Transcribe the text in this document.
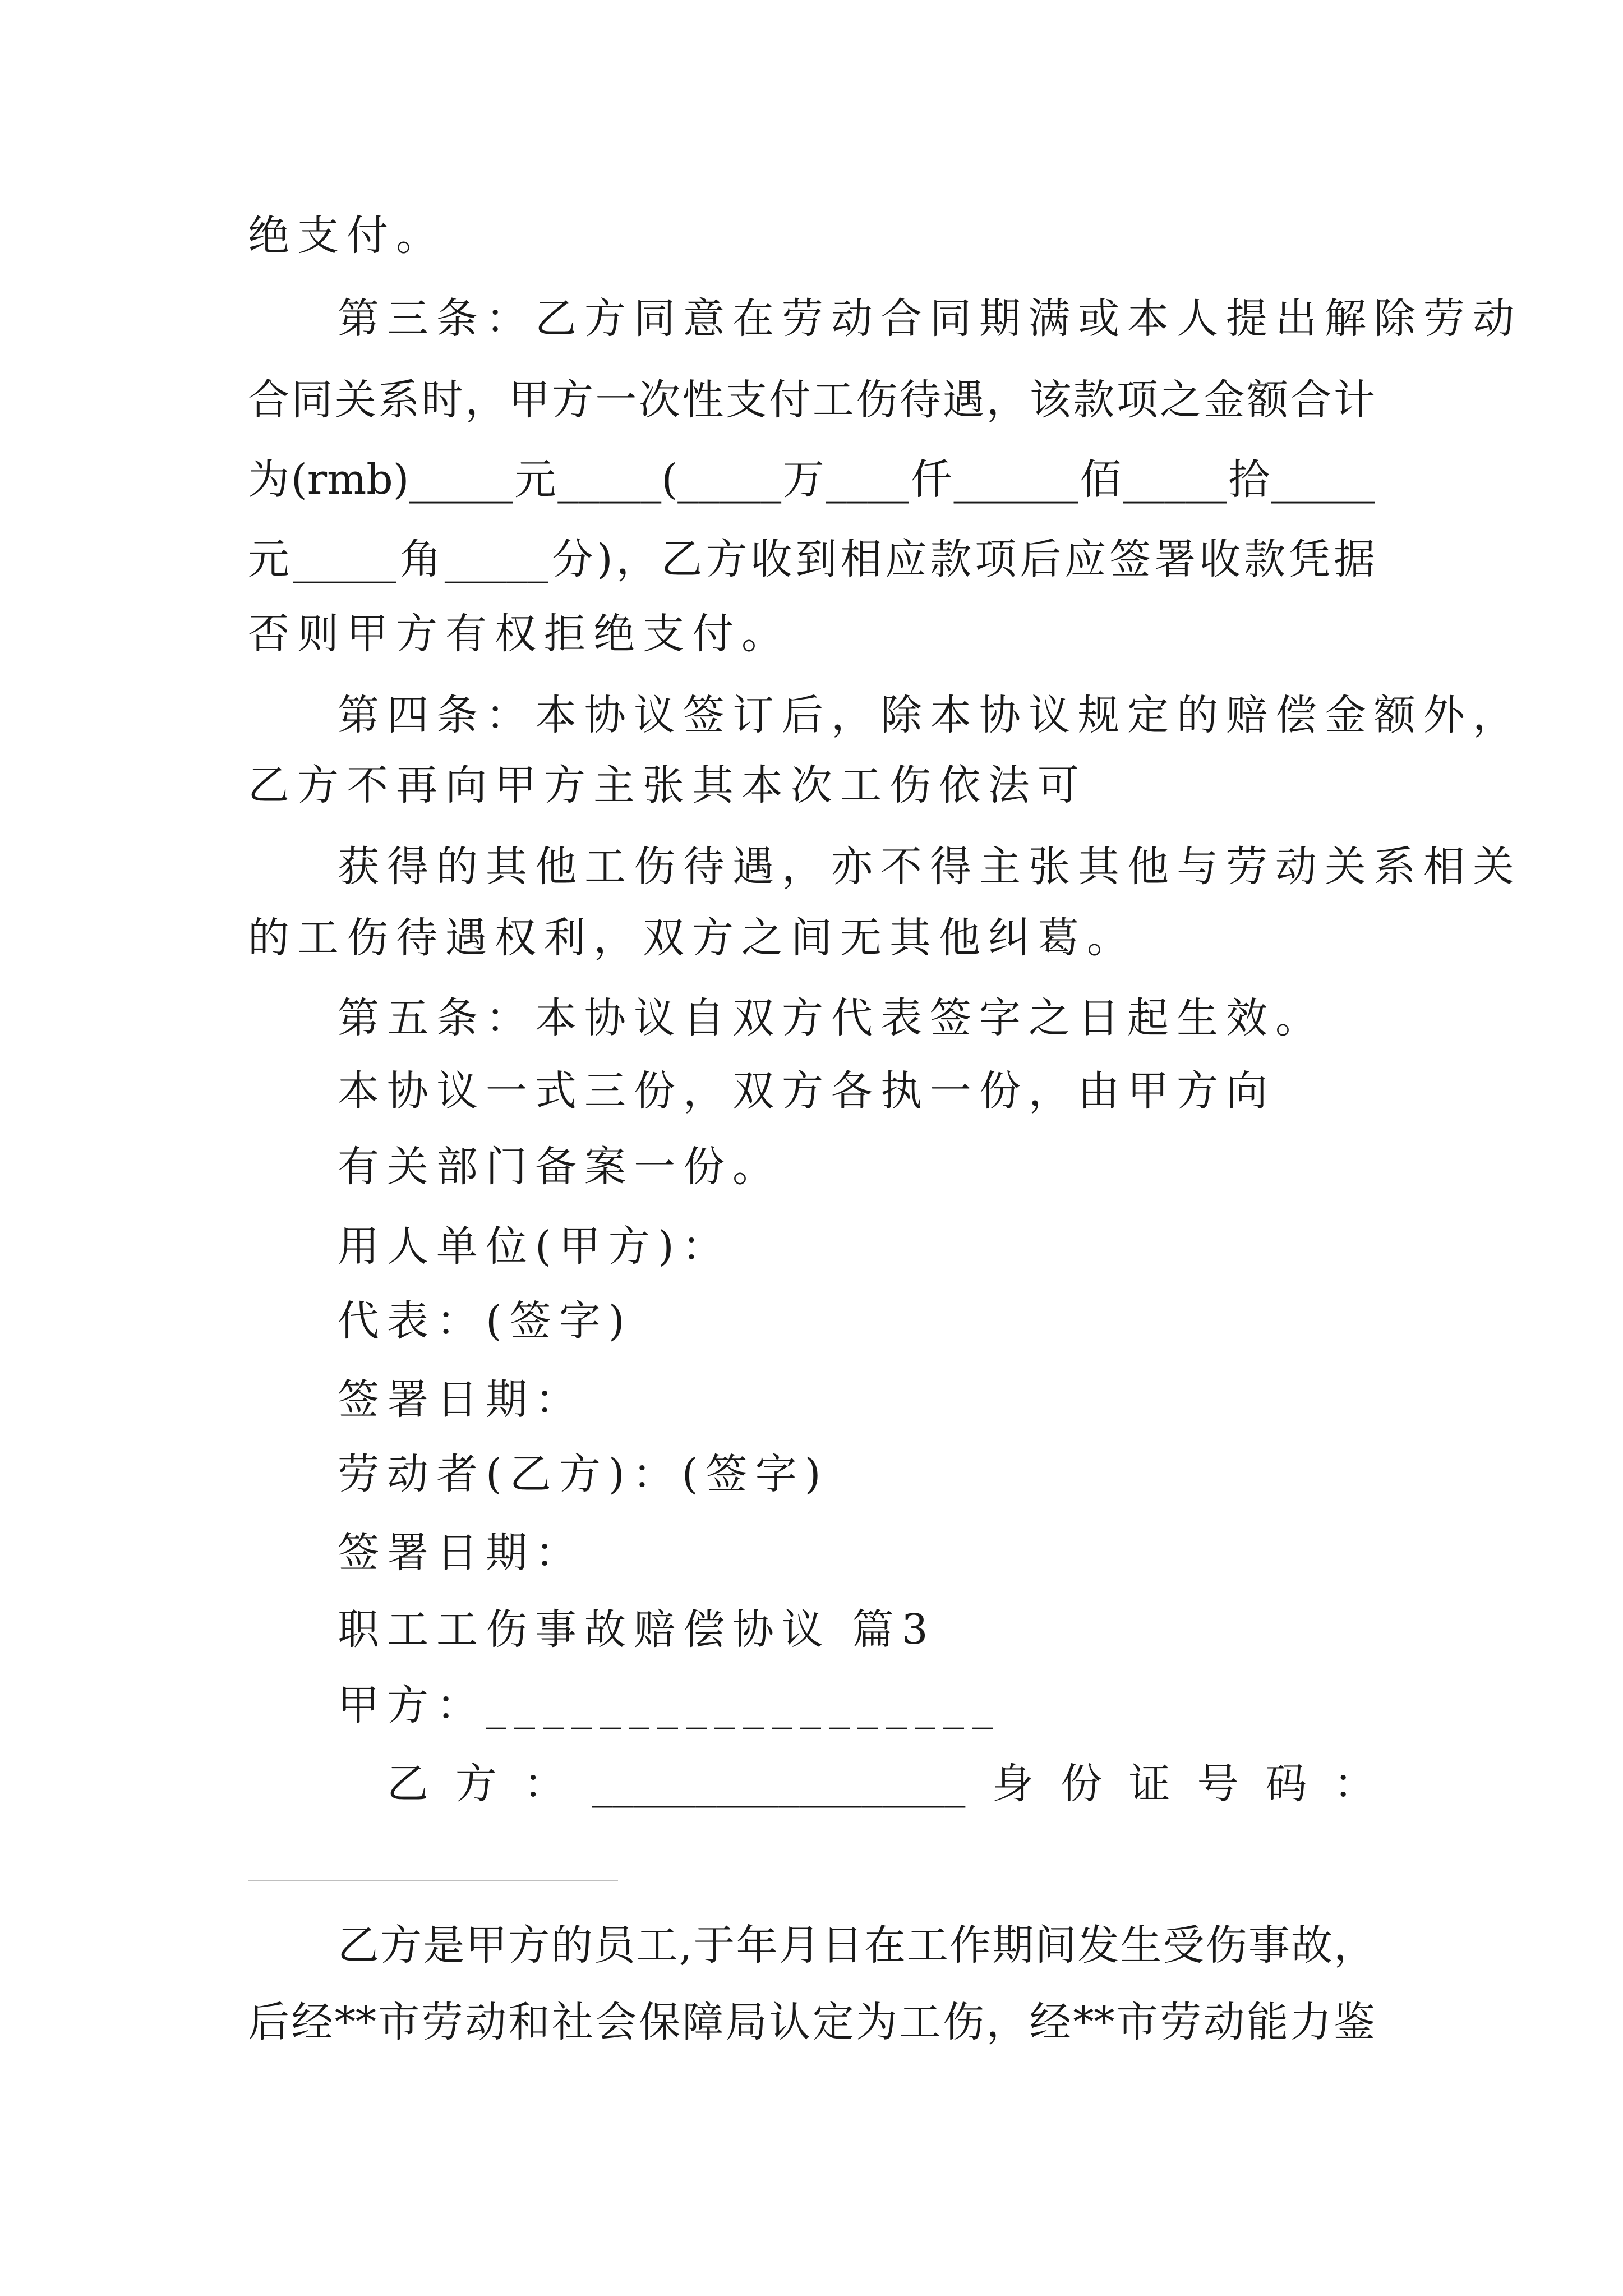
绝支付。
第三条：乙方同意在劳动合同期满或本人提出解除劳动
合同关系时，甲方一次性支付工伤待遇，该款项之金额合计
为(rmb)_____元_____(_____万____仟______佰_____拾_____
元_____角_____分)，乙方收到相应款项后应签署收款凭据
否则甲方有权拒绝支付。
第四条：本协议签订后，除本协议规定的赔偿金额外，
乙方不再向甲方主张其本次工伤依法可
获得的其他工伤待遇，亦不得主张其他与劳动关系相关
的工伤待遇权利，双方之间无其他纠葛。
第五条：本协议自双方代表签字之日起生效。
本协议一式三份，双方各执一份，由甲方向
有关部门备案一份。
用人单位(甲方)：
代表：(签字)
签署日期：
劳动者(乙方)：(签字)
签署日期：
职工工伤事故赔偿协议 篇3
甲方：__________________
乙方：__________________身份证号码：
乙方是甲方的员工,于年月日在工作期间发生受伤事故，
后经**市劳动和社会保障局认定为工伤，经**市劳动能力鉴
